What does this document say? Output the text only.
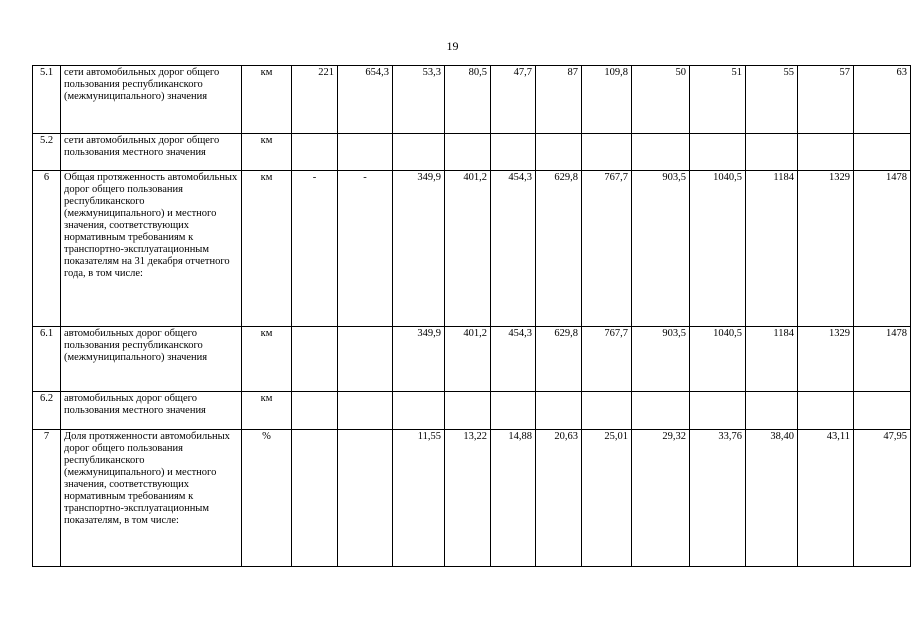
19
5.1	сети автомобильных дорог общего пользования республиканского (межмуниципального) значения	км	221	654,3	53,3	80,5	47,7	87	109,8	50	51	55	57	63
5.2	сети автомобильных дорог общего пользования местного значения	км												
6	Общая протяженность автомобильных дорог общего пользования республиканского (межмуниципального) и местного значения, соответствующих нормативным требованиям к транспортно-эксплуатационным показателям на 31 декабря отчетного года, в том числе:	км	-	-	349,9	401,2	454,3	629,8	767,7	903,5	1040,5	1184	1329	1478
6.1	автомобильных дорог общего пользования республиканского (межмуниципального) значения	км			349,9	401,2	454,3	629,8	767,7	903,5	1040,5	1184	1329	1478
6.2	автомобильных дорог общего пользования местного значения	км												
7	Доля протяженности автомобильных дорог общего пользования республиканского (межмуниципального) и местного значения, соответствующих нормативным требованиям к транспортно-эксплуатационным показателям, в том числе:	%			11,55	13,22	14,88	20,63	25,01	29,32	33,76	38,40	43,11	47,95
